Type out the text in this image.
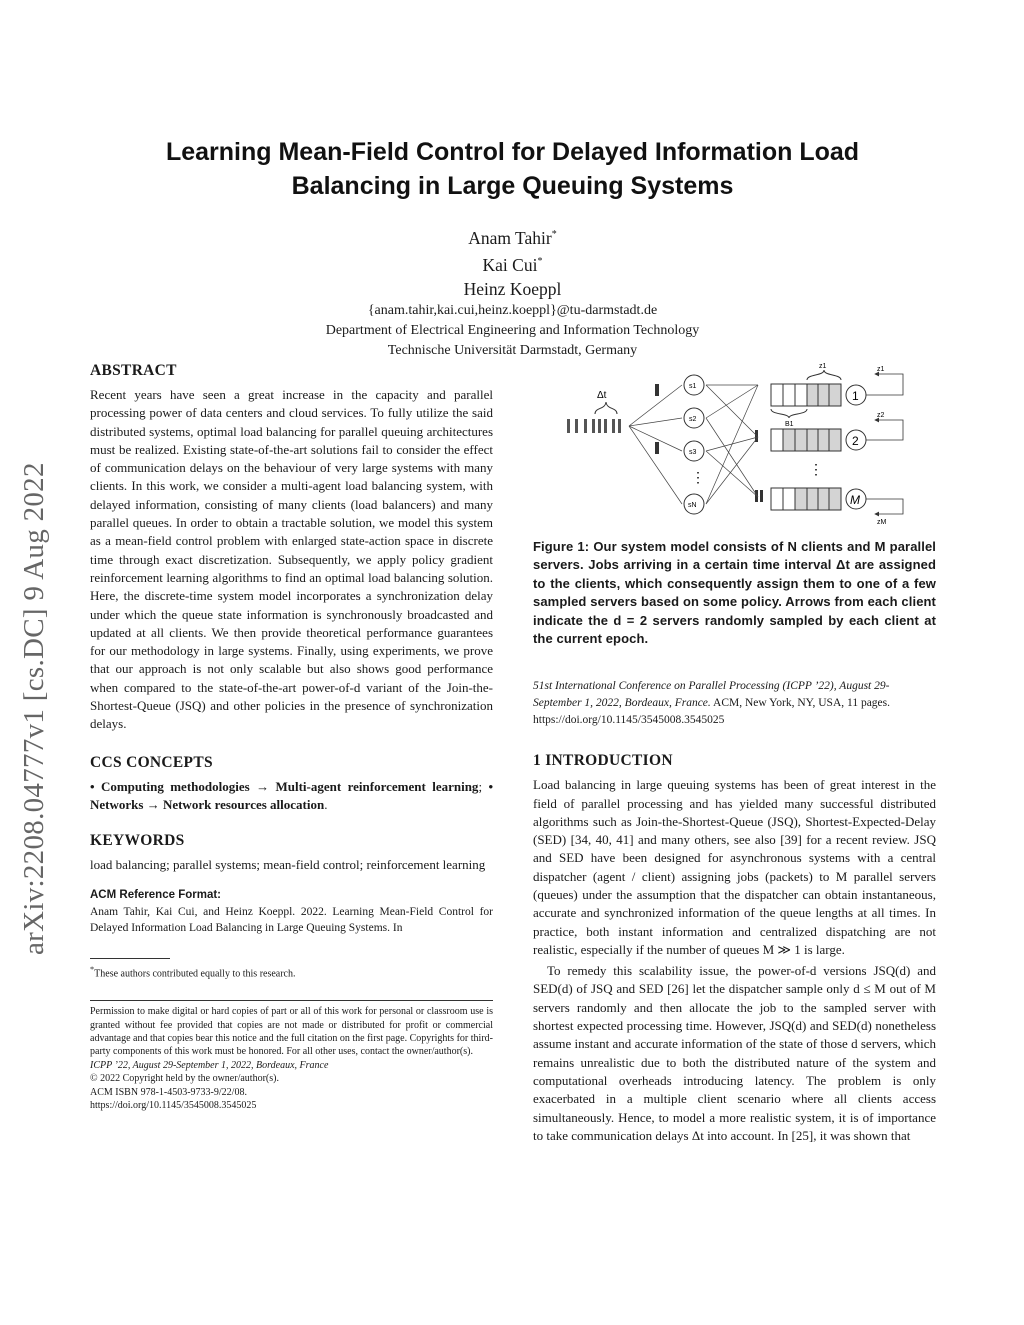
arXiv:2208.04777v1 [cs.DC] 9 Aug 2022
Learning Mean-Field Control for Delayed Information Load
Balancing in Large Queuing Systems
Anam Tahir*
Kai Cui*
Heinz Koeppl
{anam.tahir,kai.cui,heinz.koeppl}@tu-darmstadt.de
Department of Electrical Engineering and Information Technology
Technische Universität Darmstadt, Germany
ABSTRACT

Recent years have seen a great increase in the capacity and parallel processing power of data centers and cloud services. To fully utilize the said distributed systems, optimal load balancing for parallel queuing architectures must be realized. Existing state-of-the-art solutions fail to consider the effect of communication delays on the behaviour of very large systems with many clients. In this work, we consider a multi-agent load balancing system, with delayed information, consisting of many clients (load balancers) and many parallel queues. In order to obtain a tractable solution, we model this system as a mean-field control problem with enlarged state-action space in discrete time through exact discretization. Subsequently, we apply policy gradient reinforcement learning algorithms to find an optimal load balancing solution. Here, the discrete-time system model incorporates a synchronization delay under which the queue state information is synchronously broadcasted and updated at all clients. We then provide theoretical performance guarantees for our methodology in large systems. Finally, using experiments, we prove that our approach is not only scalable but also shows good performance when compared to the state-of-the-art power-of-d variant of the Join-the-Shortest-Queue (JSQ) and other policies in the presence of synchronization delays.

CCS CONCEPTS

• Computing methodologies → Multi-agent reinforcement learning; • Networks → Network resources allocation.

KEYWORDS

load balancing; parallel systems; mean-field control; reinforcement learning

ACM Reference Format:

Anam Tahir, Kai Cui, and Heinz Koeppl. 2022. Learning Mean-Field Control for Delayed Information Load Balancing in Large Queuing Systems. In

*These authors contributed equally to this research.

Permission to make digital or hard copies of part or all of this work for personal or classroom use is granted without fee provided that copies are not made or distributed for profit or commercial advantage and that copies bear this notice and the full citation on the first page. Copyrights for third-party components of this work must be honored. For all other uses, contact the owner/author(s).

ICPP ’22, August 29-September 1, 2022, Bordeaux, France

© 2022 Copyright held by the owner/author(s).

ACM ISBN 978-1-4503-9733-9/22/08.

https://doi.org/10.1145/3545008.3545025

Δt
s1
s2
s3
sN
⋮
1
2
⋮
M
z1
B1
z1
z2
zM

Figure 1: Our system model consists of N clients and M parallel servers. Jobs arriving in a certain time interval Δt are assigned to the clients, which consequently assign them to one of a few sampled servers based on some policy. Arrows from each client indicate the d = 2 servers randomly sampled by each client at the current epoch.

51st International Conference on Parallel Processing (ICPP ’22), August 29-September 1, 2022, Bordeaux, France. ACM, New York, NY, USA, 11 pages. https://doi.org/10.1145/3545008.3545025

1 INTRODUCTION

Load balancing in large queuing systems has been of great interest in the field of parallel processing and has yielded many successful distributed algorithms such as Join-the-Shortest-Queue (JSQ), Shortest-Expected-Delay (SED) [34, 40, 41] and many others, see also [39] for a recent review. JSQ and SED have been designed for asynchronous systems with a central dispatcher (agent / client) assigning jobs (packets) to M parallel servers (queues) under the assumption that the dispatcher can obtain instantaneous, accurate and synchronized information of the queue lengths at all times. In practice, both instant information and centralized dispatching are not realistic, especially if the number of queues M ≫ 1 is large.

To remedy this scalability issue, the power-of-d versions JSQ(d) and SED(d) of JSQ and SED [26] let the dispatcher sample only d ≤ M out of M servers randomly and then allocate the job to the sampled server with shortest expected processing time. However, JSQ(d) and SED(d) nonetheless assume instant and accurate information of the state of those d servers, which remains unrealistic due to both the distributed nature of the system and computational overheads introducing latency. The problem is only exacerbated in a multiple client scenario where all clients access simultaneously. Hence, to model a more realistic system, it is of importance to take communication delays Δt into account. In [25], it was shown that
